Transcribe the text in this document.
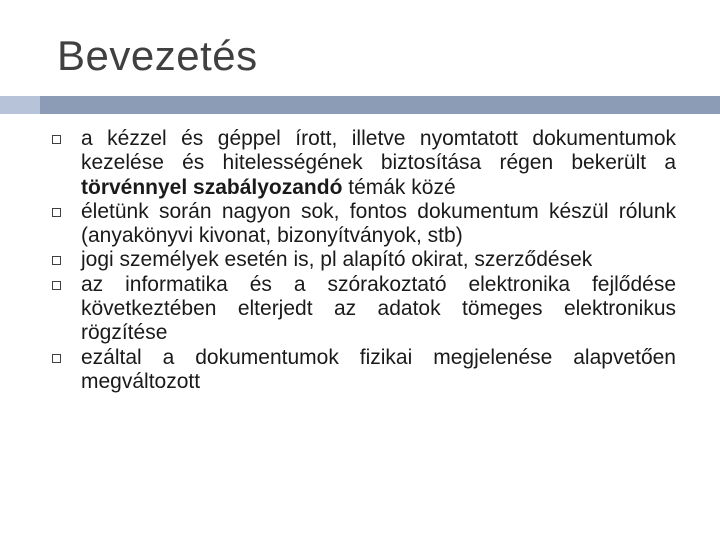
Bevezetés
a kézzel és géppel írott, illetve nyomtatott dokumentumok kezelése és hitelességének biztosítása régen bekerült a törvénnyel szabályozandó témák közé
életünk során nagyon sok, fontos dokumentum készül rólunk (anyakönyvi kivonat, bizonyítványok, stb)
jogi személyek esetén is, pl alapító okirat, szerződések
az informatika és a szórakoztató elektronika fejlődése következtében elterjedt az adatok tömeges elektronikus rögzítése
ezáltal a dokumentumok fizikai megjelenése alapvetően megváltozott
